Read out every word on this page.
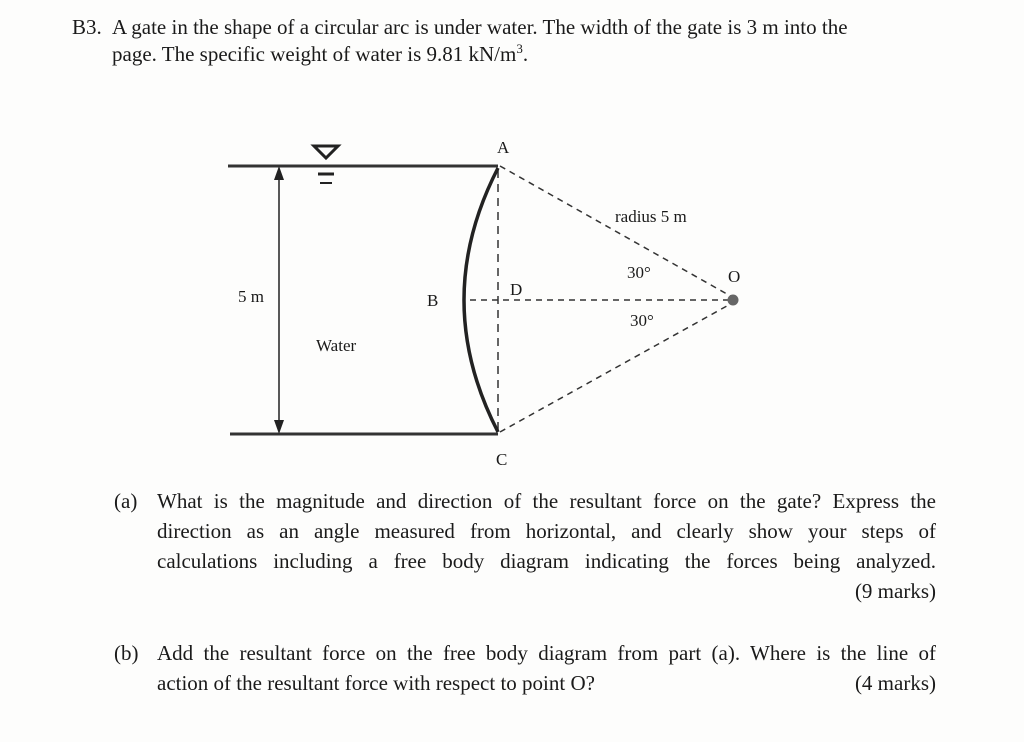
B3. A gate in the shape of a circular arc is under water. The width of the gate is 3 m into the
page. The specific weight of water is 9.81 $kN/m^3$.
A
B
C
D
O
radius 5 m
30°
30°
5 m
Water
(a) What is the magnitude and direction of the resultant force on the gate? Express the
direction as an angle measured from horizontal, and clearly show your steps of
calculations including a free body diagram indicating the forces being analyzed.
(9 marks)
(b) Add the resultant force on the free body diagram from part (a). Where is the line of
action of the resultant force with respect to point O?	(4 marks)
